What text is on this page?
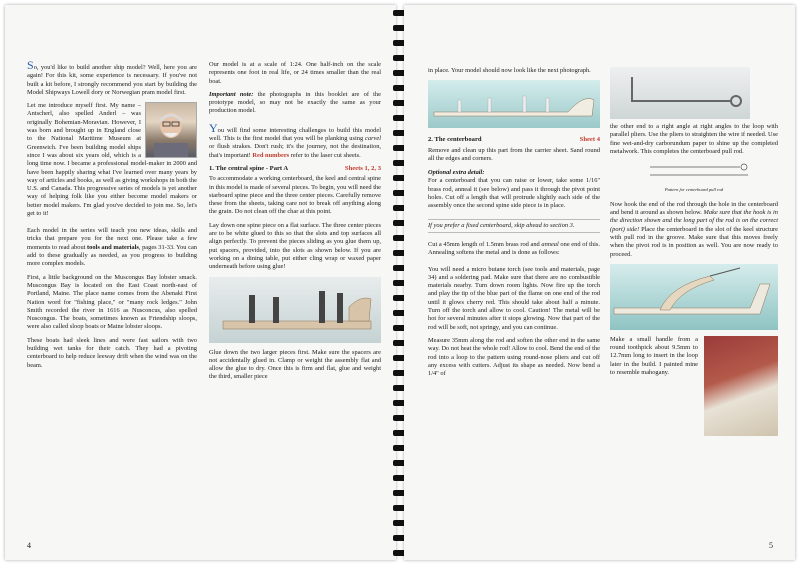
So, you'd like to build another ship model? Well, here you are again! For this kit, some experience is necessary. If you've not built a kit before, I strongly recommend you start by building the Model Shipways Lowell dory or Norwegian pram model first.

Let me introduce myself first. My name – Antscherl, also spelled Anderl – was originally Bohemian-Moravian. However, I was born and brought up in England close to the National Maritime Museum at Greenwich. I've been building model ships since I was about six years old, which is a long time now. I became a professional model-maker in 2000 and have been happily sharing what I've learned over many years by way of articles and books, as well as giving workshops in both the U.S. and Canada. This progressive series of models is yet another way of helping folk like you either become model makers or better model makers. I'm glad you've decided to join me. So, let's get to it!

Each model in the series will teach you new ideas, skills and tricks that prepare you for the next one. Please take a few moments to read about tools and materials, pages 31-33. You can add to these gradually as needed, as you progress to building more complex models.

First, a little background on the Muscongus Bay lobster smack. Muscongus Bay is located on the East Coast north-east of Portland, Maine. The place name comes from the Abenaki First Nation word for "fishing place," or "many rock ledges." John Smith recorded the river in 1616 as Nusconcus, also spelled Nuscongus. The boats, sometimes known as Friendship sloops, were also called sloop boats or Maine lobster sloops.

These boats had sleek lines and were fast sailors with two building wet tanks for their catch. They had a pivoting centerboard to help reduce leeway drift when the wind was on the beam.

Our model is at a scale of 1:24. One half-inch on the scale represents one foot in real life, or 24 times smaller than the real boat.

Important note: the photographs in this booklet are of the prototype model, so may not be exactly the same as your production model.

You will find some interesting challenges to build this model well. This is the first model that you will be planking using carvel or flush strakes. Don't rush; it's the journey, not the destination, that's important! Red numbers refer to the laser cut sheets.

1. The central spine - Part A	Sheets 1, 2, 3

To accommodate a working centerboard, the keel and central spine in this model is made of several pieces. To begin, you will need the starboard spine piece and the three center pieces. Carefully remove these from the sheets, taking care not to break off anything along the grain. Do not clean off the char at this point.

Lay down one spine piece on a flat surface. The three center pieces are to be white glued to this so that the slots and top surfaces all align perfectly. To prevent the pieces sliding as you glue them up, put spacers, provided, into the slots as shown below. If you are working on a dining table, put either cling wrap or waxed paper underneath before using glue!

Glue down the two larger pieces first. Make sure the spacers are not accidentally glued in. Clamp or weight the assembly flat and allow the glue to dry. Once this is firm and flat, glue and weight the third, smaller piece

4

in place. Your model should now look like the next photograph.

2. The centerboard	Sheet 4

Remove and clean up this part from the carrier sheet. Sand round all the edges and corners.

Optional extra detail:
For a centerboard that you can raise or lower, take some 1/16" brass rod, anneal it (see below) and pass it through the pivot point holes. Cut off a length that will protrude slightly each side of the assembly once the second spine side piece is in place.

If you prefer a fixed centerboard, skip ahead to section 3.

Cut a 45mm length of 1.5mm brass rod and anneal one end of this. Annealing softens the metal and is done as follows:

You will need a micro butane torch (see tools and materials, page 34) and a soldering pad. Make sure that there are no combustible materials nearby. Turn down room lights. Now fire up the torch and play the tip of the blue part of the flame on one end of the rod until it glows cherry red. This should take about half a minute. Turn off the torch and allow to cool. Caution! The metal will be hot for several minutes after it stops glowing. Now that part of the rod will be soft, not springy, and you can continue.

Measure 35mm along the rod and soften the other end in the same way. Do not heat the whole rod! Allow to cool. Bend the end of the rod into a loop to the pattern using round-nose pliers and cut off any excess with cutters. Adjust its shape as needed. Now bend a 1/4" of

the other end to a right angle at right angles to the loop with parallel pliers. Use the pliers to straighten the wire if needed. Use fine wet-and-dry carborundum paper to shine up the completed metalwork. This completes the centerboard pull rod.

Pattern for centerboard pull rod

Now hook the end of the rod through the hole in the centerboard and bend it around as shown below. Make sure that the hook is in the direction shown and the long part of the rod is on the correct (port) side! Place the centerboard in the slot of the keel structure with pull rod in the groove. Make sure that this moves freely when the pivot rod is in position as well. You are now ready to proceed.

Make a small handle from a round toothpick about 9.5mm to 12.7mm long to insert in the loop later in the build. I painted mine to resemble mahogany.

5
